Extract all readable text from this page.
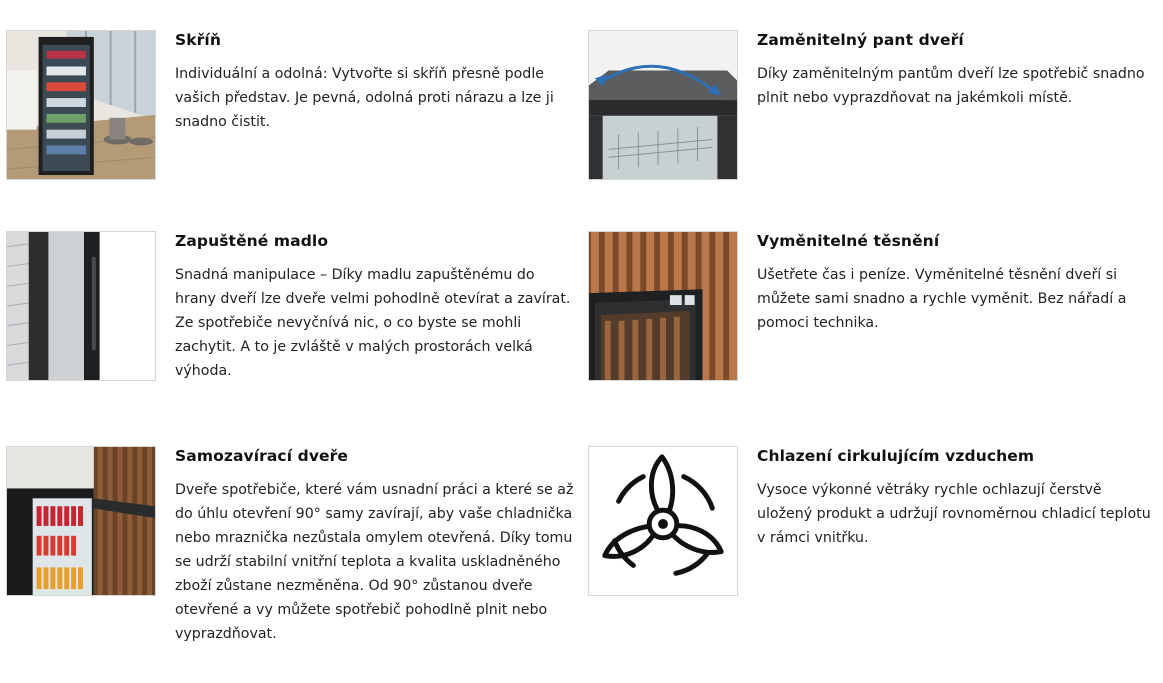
Skříň

Individuální a odolná: Vytvořte si skříň přesně podle vašich představ. Je pevná, odolná proti nárazu a lze ji snadno čistit.

Zaměnitelný pant dveří

Díky zaměnitelným pantům dveří lze spotřebič snadno plnit nebo vyprazdňovat na jakémkoli místě.

Zapuštěné madlo

Snadná manipulace – Díky madlu zapuštěnému do hrany dveří lze dveře velmi pohodlně otevírat a zavírat. Ze spotřebiče nevyčnívá nic, o co byste se mohli zachytit. A to je zvláště v malých prostorách velká výhoda.

Vyměnitelné těsnění

Ušetřete čas i peníze. Vyměnitelné těsnění dveří si můžete sami snadno a rychle vyměnit. Bez nářadí a pomoci technika.

Samozavírací dveře

Dveře spotřebiče, které vám usnadní práci a které se až do úhlu otevření 90° samy zavírají, aby vaše chladnička nebo mraznička nezůstala omylem otevřená. Díky tomu se udrží stabilní vnitřní teplota a kvalita uskladněného zboží zůstane nezměněna. Od 90° zůstanou dveře otevřené a vy můžete spotřebič pohodlně plnit nebo vyprazdňovat.

Chlazení cirkulujícím vzduchem

Vysoce výkonné větráky rychle ochlazují čerstvě uložený produkt a udržují rovnoměrnou chladicí teplotu v rámci vnitřku.
